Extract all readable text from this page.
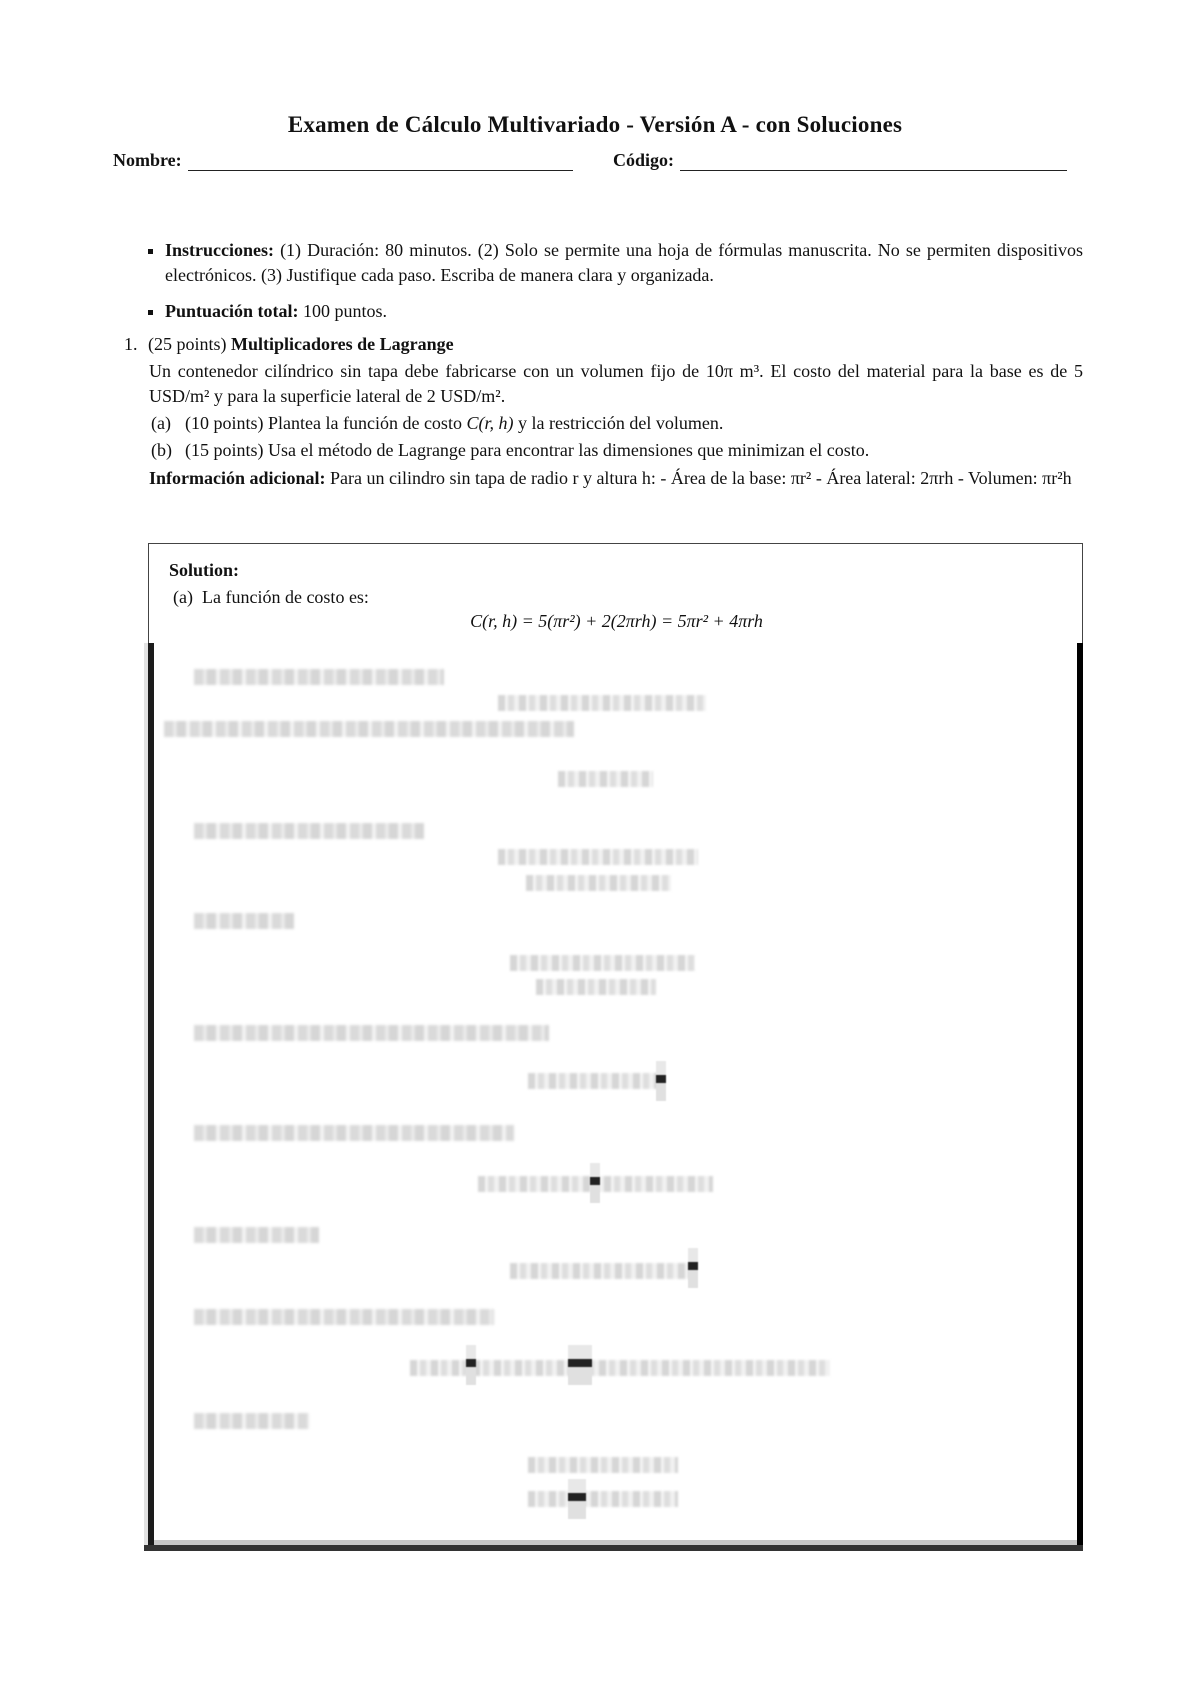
Examen de Cálculo Multivariado - Versión A - con Soluciones
Nombre:	Código:
Instrucciones: (1) Duración: 80 minutos. (2) Solo se permite una hoja de fórmulas manuscrita. No se permiten dispositivos electrónicos. (3) Justifique cada paso. Escriba de manera clara y organizada.
Puntuación total: 100 puntos.
1. (25 points)
Multiplicadores de Lagrange
Un contenedor cilíndrico sin tapa debe fabricarse con un volumen fijo de 10π m³. El costo del material para la base es de 5 USD/m² y para la superficie lateral de 2 USD/m².
(a) (10 points) Plantea la función de costo C(r, h) y la restricción del volumen.
(b) (15 points) Usa el método de Lagrange para encontrar las dimensiones que minimizan el costo.
Información adicional: Para un cilindro sin tapa de radio r y altura h: - Área de la base: πr² - Área lateral: 2πrh - Volumen: πr²h
Solution:
(a) La función de costo es:
C(r, h) = 5(πr²) + 2(2πrh) = 5πr² + 4πrh
